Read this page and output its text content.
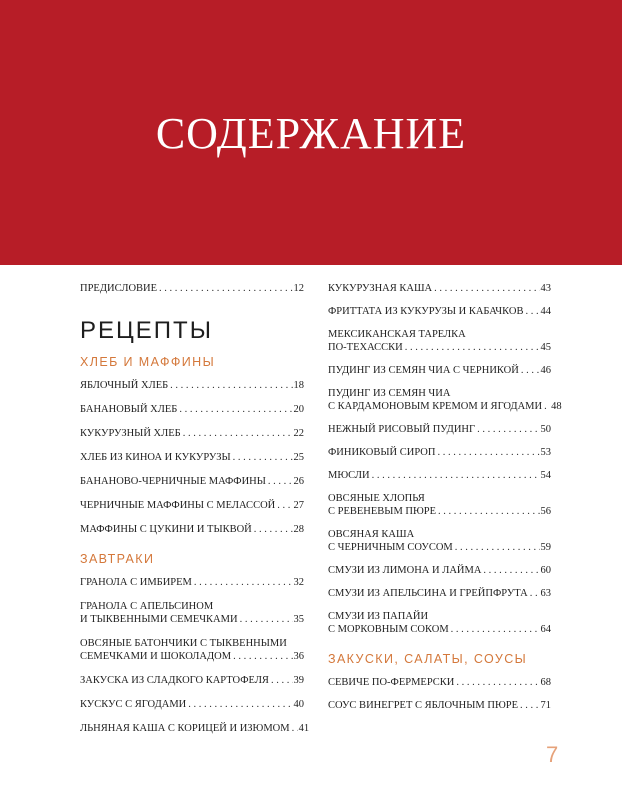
СОДЕРЖАНИЕ
ПРЕДИСЛОВИЕ . . .	12
РЕЦЕПТЫ
ХЛЕБ И МАФФИНЫ
ЯБЛОЧНЫЙ ХЛЕБ . . .	18
БАНАНОВЫЙ ХЛЕБ . . .	20
КУКУРУЗНЫЙ ХЛЕБ . . .	22
ХЛЕБ ИЗ КИНОА И КУКУРУЗЫ . . .	25
БАНАНОВО-ЧЕРНИЧНЫЕ МАФФИНЫ . . .	26
ЧЕРНИЧНЫЕ МАФФИНЫ С МЕЛАССОЙ . . . 27
МАФФИНЫ С ЦУКИНИ И ТЫКВОЙ . . .	28
ЗАВТРАКИ
ГРАНОЛА С ИМБИРЕМ . . .	32
ГРАНОЛА С АПЕЛЬСИНОМ
И ТЫКВЕННЫМИ СЕМЕЧКАМИ . . .	35
ОВСЯНЫЕ БАТОНЧИКИ С ТЫКВЕННЫМИ
СЕМЕЧКАМИ И ШОКОЛАДОМ . . .	36
ЗАКУСКА ИЗ СЛАДКОГО КАРТОФЕЛЯ . . . 39
КУСКУС С ЯГОДАМИ . . .	40
ЛЬНЯНАЯ КАША С КОРИЦЕЙ И ИЗЮМОМ . . . 41
КУКУРУЗНАЯ КАША . . .	43
ФРИТТАТА ИЗ КУКУРУЗЫ И КАБАЧКОВ . . . 44
МЕКСИКАНСКАЯ ТАРЕЛКА
ПО-ТЕХАССКИ . . .	45
ПУДИНГ ИЗ СЕМЯН ЧИА С ЧЕРНИКОЙ . . . 46
ПУДИНГ ИЗ СЕМЯН ЧИА
С КАРДАМОНОВЫМ КРЕМОМ И ЯГОДАМИ . . . 48
НЕЖНЫЙ РИСОВЫЙ ПУДИНГ . . .	50
ФИНИКОВЫЙ СИРОП . . .	53
МЮСЛИ . . .	54
ОВСЯНЫЕ ХЛОПЬЯ
С РЕВЕНЕВЫМ ПЮРЕ . . .	56
ОВСЯНАЯ КАША
С ЧЕРНИЧНЫМ СОУСОМ . . .	59
СМУЗИ ИЗ ЛИМОНА И ЛАЙМА . . .	60
СМУЗИ ИЗ АПЕЛЬСИНА И ГРЕЙПФРУТА . . . 63
СМУЗИ ИЗ ПАПАЙИ
С МОРКОВНЫМ СОКОМ . . .	64
ЗАКУСКИ, САЛАТЫ, СОУСЫ
СЕВИЧЕ ПО-ФЕРМЕРСКИ . . .	68
СОУС ВИНЕГРЕТ С ЯБЛОЧНЫМ ПЮРЕ . . . 71
7
